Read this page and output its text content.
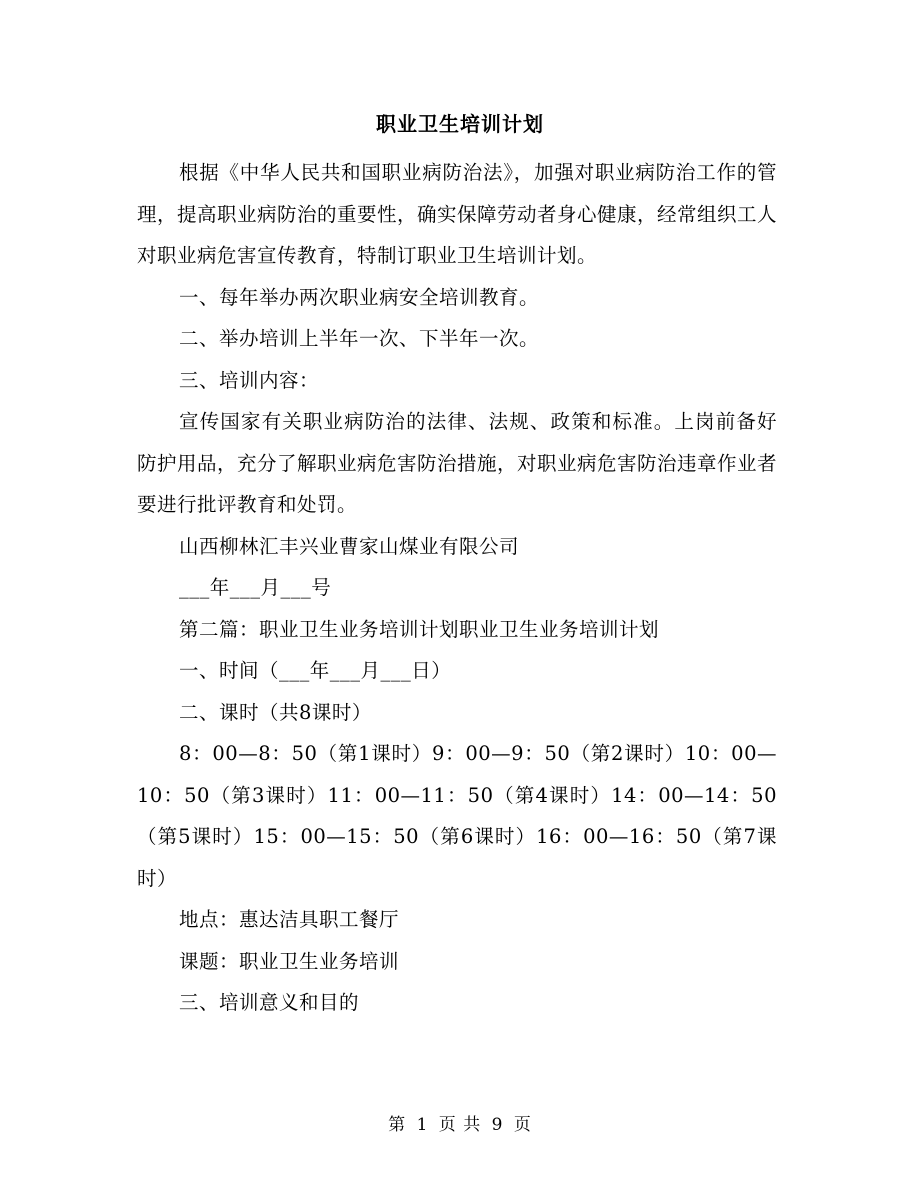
职业卫生培训计划

根据《中华人民共和国职业病防治法》，加强对职业病防治工作的管理，提高职业病防治的重要性，确实保障劳动者身心健康，经常组织工人对职业病危害宣传教育，特制订职业卫生培训计划。

一、每年举办两次职业病安全培训教育。

二、举办培训上半年一次、下半年一次。

三、培训内容：

宣传国家有关职业病防治的法律、法规、政策和标准。上岗前备好防护用品，充分了解职业病危害防治措施，对职业病危害防治违章作业者要进行批评教育和处罚。

山西柳林汇丰兴业曹家山煤业有限公司

___年___月___号

第二篇：职业卫生业务培训计划职业卫生业务培训计划

一、时间（___年___月___日）

二、课时（共8课时）

8：00—8：50（第1课时）9：00—9：50（第2课时）10：00—10：50（第3课时）11：00—11：50（第4课时）14：00—14：50（第5课时）15：00—15：50（第6课时）16：00—16：50（第7课时）

地点：惠达洁具职工餐厅

课题：职业卫生业务培训

三、培训意义和目的

第 1 页 共 9 页
